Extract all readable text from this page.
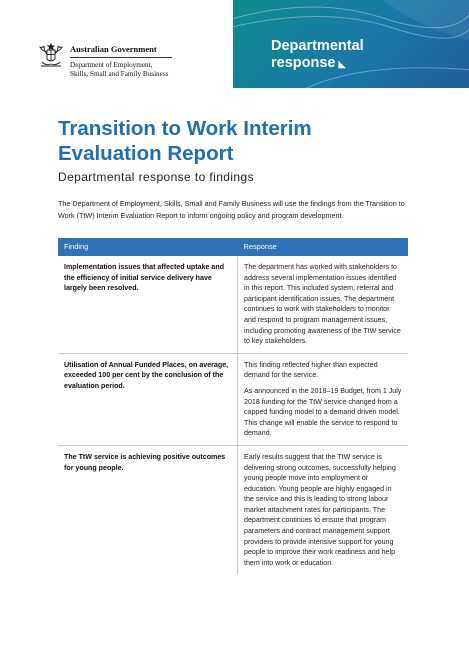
Australian Government
Department of Employment,
Skills, Small and Family Business
Departmental response ◣
Transition to Work Interim Evaluation Report
Departmental response to findings
The Department of Employment, Skills, Small and Family Business will use the findings from the Transition to Work (TtW) Interim Evaluation Report to inform ongoing policy and program development.
Finding	Response
Implementation issues that affected uptake and the efficiency of initial service delivery have largely been resolved.	The department has worked with stakeholders to address several implementation issues identified in this report. This included system, referral and participant identification issues. The department continues to work with stakeholders to monitor and respond to program management issues, including promoting awareness of the TtW service to key stakeholders.

Utilisation of Annual Funded Places, on average, exceeded 100 per cent by the conclusion of the evaluation period.	This finding reflected higher than expected demand for the service.

As announced in the 2018–19 Budget, from 1 July 2018 funding for the TtW service changed from a capped funding model to a demand driven model. This change will enable the service to respond to demand.

The TtW service is achieving positive outcomes for young people.	Early results suggest that the TtW service is delivering strong outcomes, successfully helping young people move into employment or education. Young people are highly engaged in the service and this is leading to strong labour market attachment rates for participants. The department continues to ensure that program parameters and contract management support providers to provide intensive support for young people to improve their work readiness and help them into work or education.
